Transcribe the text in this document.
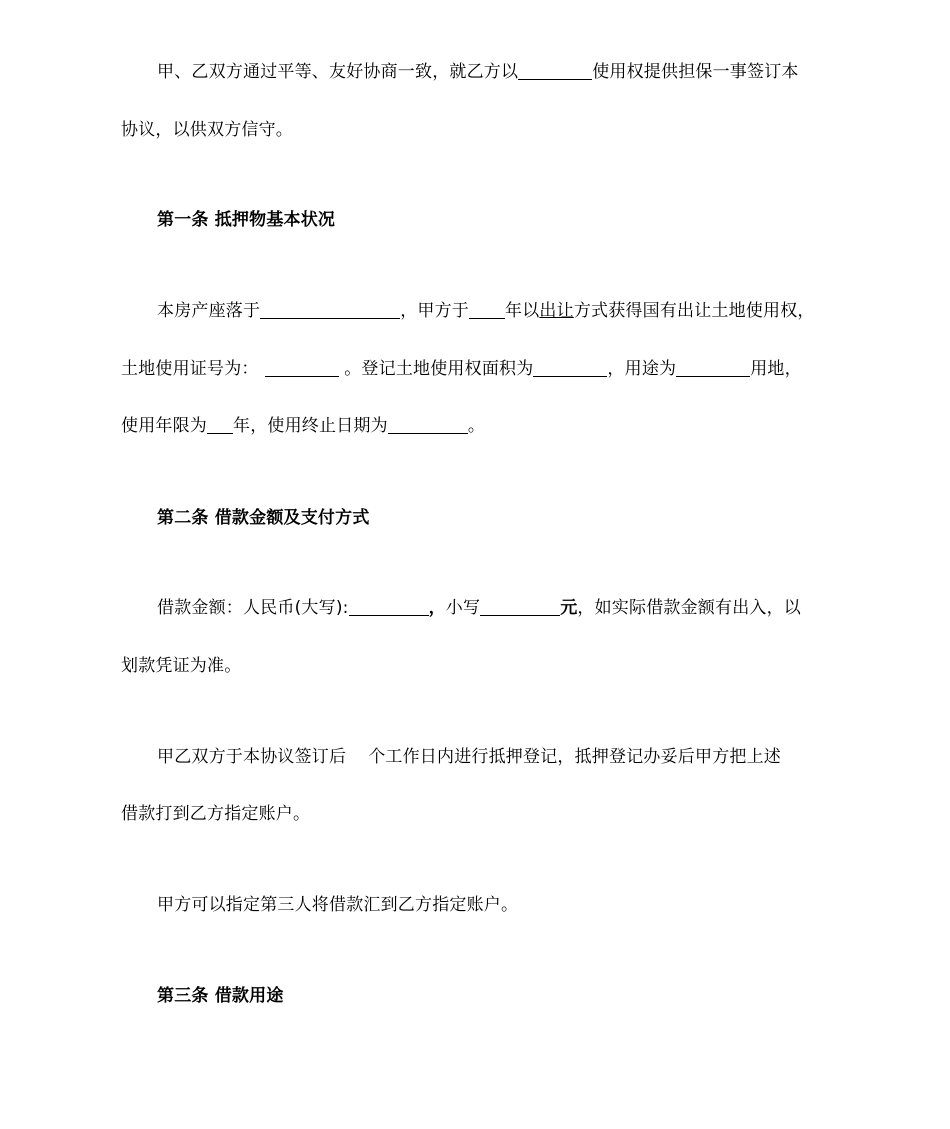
甲、乙双方通过平等、友好协商一致，就乙方以	使用权提供担保一事签订本
协议，以供双方信守。
第一条 抵押物基本状况
本房产座落于	，甲方于 年以出让方式获得国有出让土地使用权，
土地使用证号为：	。登记土地使用权面积为	，用途为	用地，
使用年限为 年，使用终止日期为	。
第二条 借款金额及支付方式
借款金额：人民币(大写):	，小写	元，如实际借款金额有出入，以
划款凭证为准。
甲乙双方于本协议签订后 个工作日内进行抵押登记，抵押登记办妥后甲方把上述
借款打到乙方指定账户。
甲方可以指定第三人将借款汇到乙方指定账户。
第三条 借款用途
